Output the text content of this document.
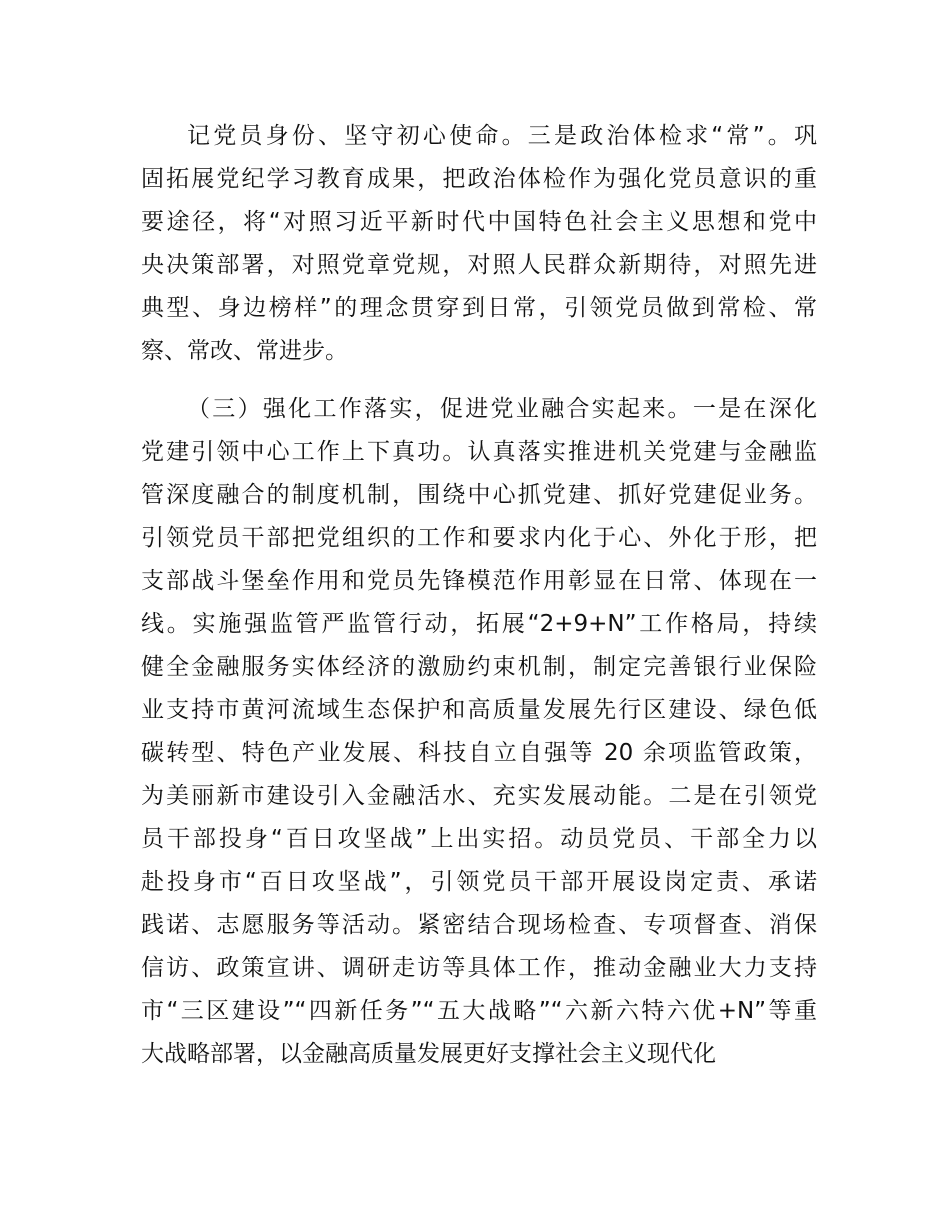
记党员身份、坚守初心使命。三是政治体检求“常”。巩
固拓展党纪学习教育成果，把政治体检作为强化党员意识的重
要途径，将“对照习近平新时代中国特色社会主义思想和党中
央决策部署，对照党章党规，对照人民群众新期待，对照先进
典型、身边榜样”的理念贯穿到日常，引领党员做到常检、常
察、常改、常进步。
（三）强化工作落实，促进党业融合实起来。一是在深化
党建引领中心工作上下真功。认真落实推进机关党建与金融监
管深度融合的制度机制，围绕中心抓党建、抓好党建促业务。
引领党员干部把党组织的工作和要求内化于心、外化于形，把
支部战斗堡垒作用和党员先锋模范作用彰显在日常、体现在一
线。实施强监管严监管行动，拓展“2+9+N”工作格局，持续
健全金融服务实体经济的激励约束机制，制定完善银行业保险
业支持市黄河流域生态保护和高质量发展先行区建设、绿色低
碳转型、特色产业发展、科技自立自强等 20 余项监管政策，
为美丽新市建设引入金融活水、充实发展动能。二是在引领党
员干部投身“百日攻坚战”上出实招。动员党员、干部全力以
赴投身市“百日攻坚战”，引领党员干部开展设岗定责、承诺
践诺、志愿服务等活动。紧密结合现场检查、专项督查、消保
信访、政策宣讲、调研走访等具体工作，推动金融业大力支持
市“三区建设”“四新任务”“五大战略”“六新六特六优+N”等重
大战略部署，以金融高质量发展更好支撑社会主义现代化
